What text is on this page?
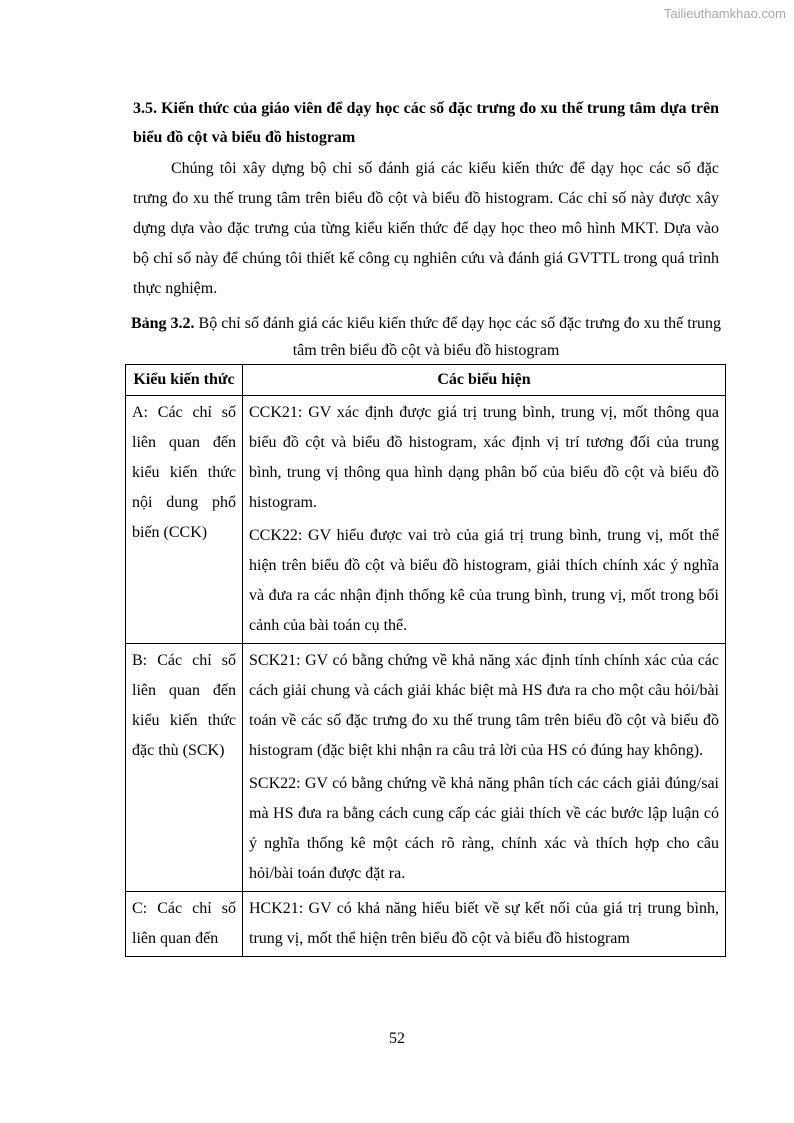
Tailieuthamkhao.com
3.5. Kiến thức của giáo viên để dạy học các số đặc trưng đo xu thế trung tâm dựa trên biểu đồ cột và biểu đồ histogram
Chúng tôi xây dựng bộ chỉ số đánh giá các kiểu kiến thức để dạy học các số đặc trưng đo xu thế trung tâm trên biểu đồ cột và biểu đồ histogram. Các chỉ số này được xây dựng dựa vào đặc trưng của từng kiểu kiến thức để dạy học theo mô hình MKT. Dựa vào bộ chỉ số này để chúng tôi thiết kế công cụ nghiên cứu và đánh giá GVTTL trong quá trình thực nghiệm.
Bảng 3.2. Bộ chỉ số đánh giá các kiểu kiến thức để dạy học các số đặc trưng đo xu thế trung tâm trên biểu đồ cột và biểu đồ histogram
Kiểu kiến thức	Các biểu hiện
A: Các chỉ số liên quan đến kiểu kiến thức nội dung phổ biến (CCK)	CCK21: GV xác định được giá trị trung bình, trung vị, mốt thông qua biểu đồ cột và biểu đồ histogram, xác định vị trí tương đối của trung bình, trung vị thông qua hình dạng phân bố của biểu đồ cột và biểu đồ histogram.

CCK22: GV hiểu được vai trò của giá trị trung bình, trung vị, mốt thể hiện trên biểu đồ cột và biểu đồ histogram, giải thích chính xác ý nghĩa và đưa ra các nhận định thống kê của trung bình, trung vị, mốt trong bối cảnh của bài toán cụ thể.

B: Các chỉ số liên quan đến kiểu kiến thức đặc thù (SCK)	SCK21: GV có bằng chứng về khả năng xác định tính chính xác của các cách giải chung và cách giải khác biệt mà HS đưa ra cho một câu hỏi/bài toán về các số đặc trưng đo xu thế trung tâm trên biểu đồ cột và biểu đồ histogram (đặc biệt khi nhận ra câu trả lời của HS có đúng hay không).

SCK22: GV có bằng chứng về khả năng phân tích các cách giải đúng/sai mà HS đưa ra bằng cách cung cấp các giải thích về các bước lập luận có ý nghĩa thống kê một cách rõ ràng, chính xác và thích hợp cho câu hỏi/bài toán được đặt ra.

C: Các chỉ số liên quan đến	HCK21: GV có khả năng hiểu biết về sự kết nối của giá trị trung bình, trung vị, mốt thể hiện trên biểu đồ cột và biểu đồ histogram

52
